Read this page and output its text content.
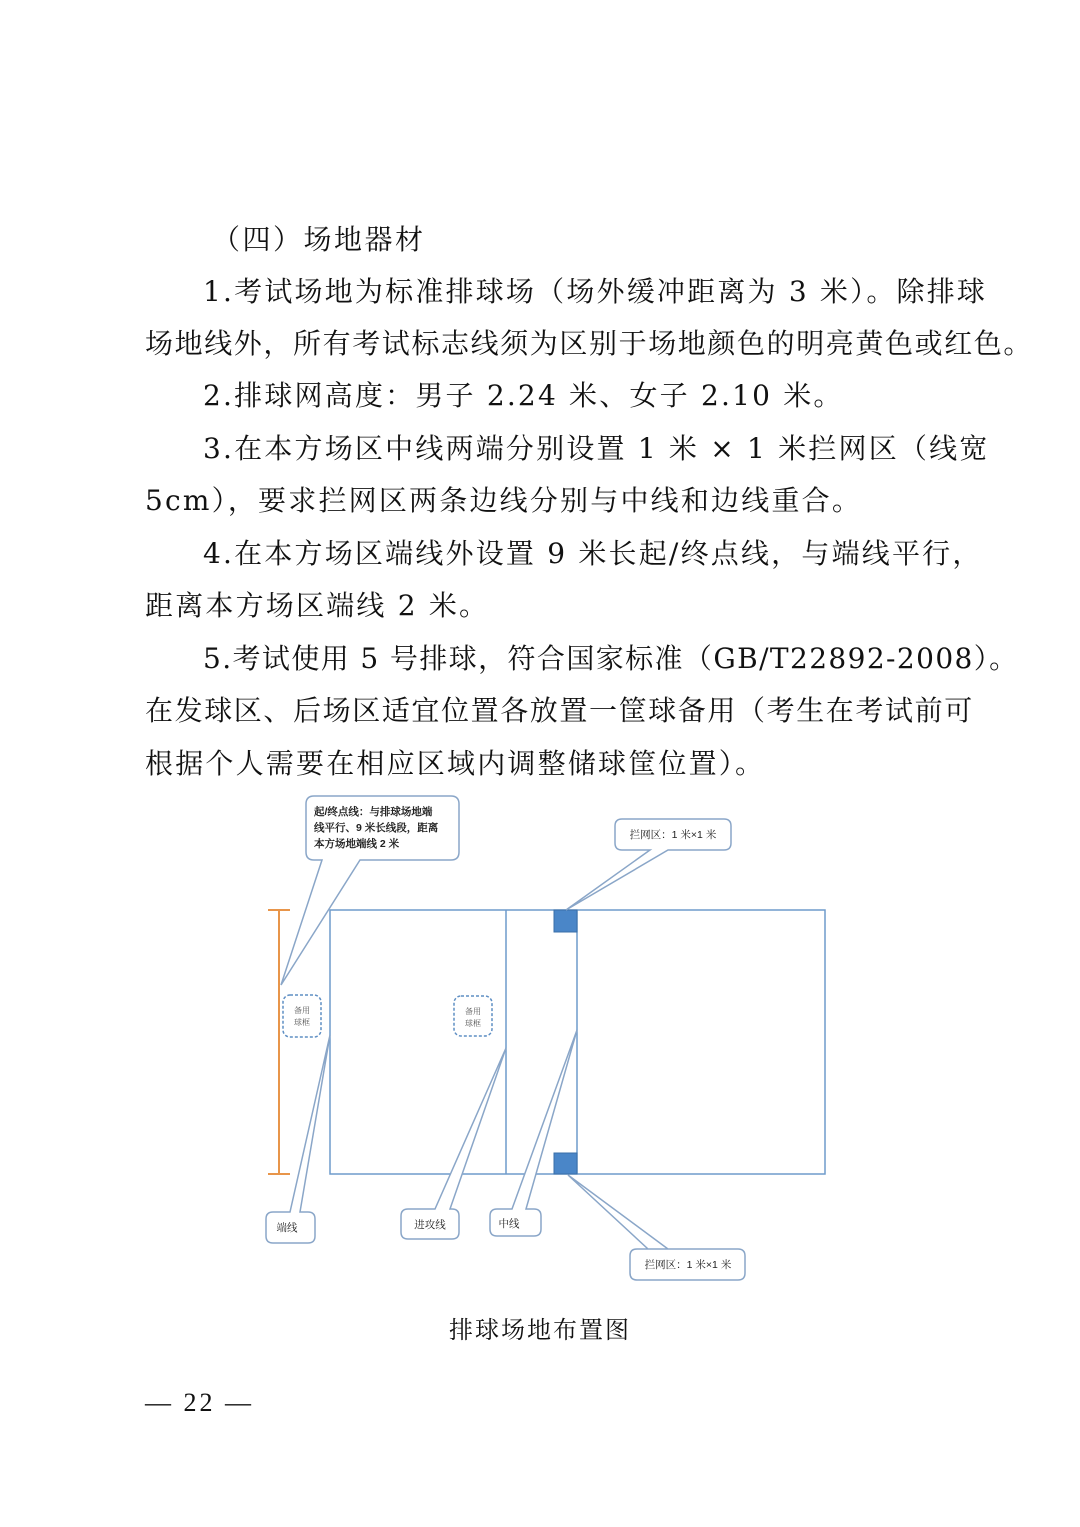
（四）场地器材

1.考试场地为标准排球场（场外缓冲距离为 3 米）。除排球

场地线外，所有考试标志线须为区别于场地颜色的明亮黄色或红色。

2.排球网高度：男子 2.24 米、女子 2.10 米。

3.在本方场区中线两端分别设置 1 米 × 1 米拦网区（线宽

5cm），要求拦网区两条边线分别与中线和边线重合。

4.在本方场区端线外设置 9 米长起/终点线，与端线平行，

距离本方场区端线 2 米。

5.考试使用 5 号排球，符合国家标准（GB/T22892-2008）。

在发球区、后场区适宜位置各放置一筐球备用（考生在考试前可

根据个人需要在相应区域内调整储球筐位置）。

备用
球框
备用
球框
起/终点线：与排球场地端
线平行、9 米长线段，距离
本方场地端线 2 米
拦网区：1 米×1 米
拦网区：1 米×1 米
端线	进攻线	中线
排球场地布置图
— 22 —
